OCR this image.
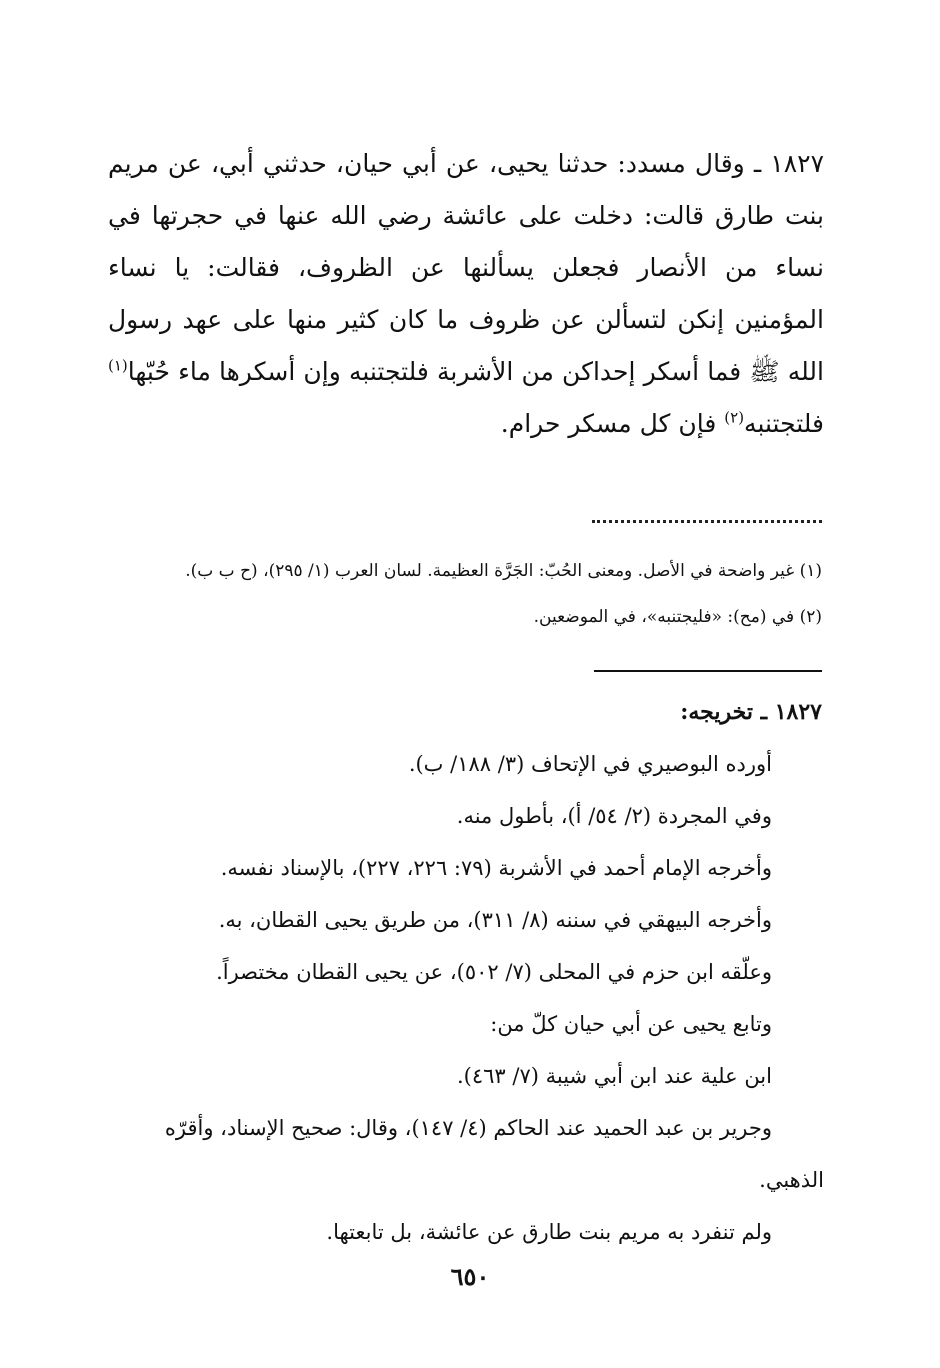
١٨٢٧ ـ وقال مسدد: حدثنا يحيى، عن أبي حيان، حدثني أبي، عن مريم بنت طارق قالت: دخلت على عائشة رضي الله عنها في حجرتها في نساء من الأنصار فجعلن يسألنها عن الظروف، فقالت: يا نساء المؤمنين إنكن لتسألن عن ظروف ما كان كثير منها على عهد رسول الله ﷺ فما أسكر إحداكن من الأشربة فلتجتنبه وإن أسكرها ماء حُبّها$^{(١)}$ فلتجتنبه$^{(٢)}$ فإن كل مسكر حرام.

(١) غير واضحة في الأصل. ومعنى الحُبّ: الجَرَّة العظيمة. لسان العرب (١/ ٢٩٥)، (ح ب ب).
(٢) في (مح): «فليجتنبه»، في الموضعين.
١٨٢٧ ـ تخريجه:
أورده البوصيري في الإتحاف (٣/ ١٨٨/ ب).
وفي المجردة (٢/ ٥٤/ أ)، بأطول منه.
وأخرجه الإمام أحمد في الأشربة (٧٩: ٢٢٦، ٢٢٧)، بالإسناد نفسه.
وأخرجه البيهقي في سننه (٨/ ٣١١)، من طريق يحيى القطان، به.
وعلّقه ابن حزم في المحلى (٧/ ٥٠٢)، عن يحيى القطان مختصراً.
وتابع يحيى عن أبي حيان كلّ من:
ابن علية عند ابن أبي شيبة (٧/ ٤٦٣).
وجرير بن عبد الحميد عند الحاكم (٤/ ١٤٧)، وقال: صحيح الإسناد، وأقرّه
الذهبي.
ولم تنفرد به مريم بنت طارق عن عائشة، بل تابعتها.
٦٥٠
